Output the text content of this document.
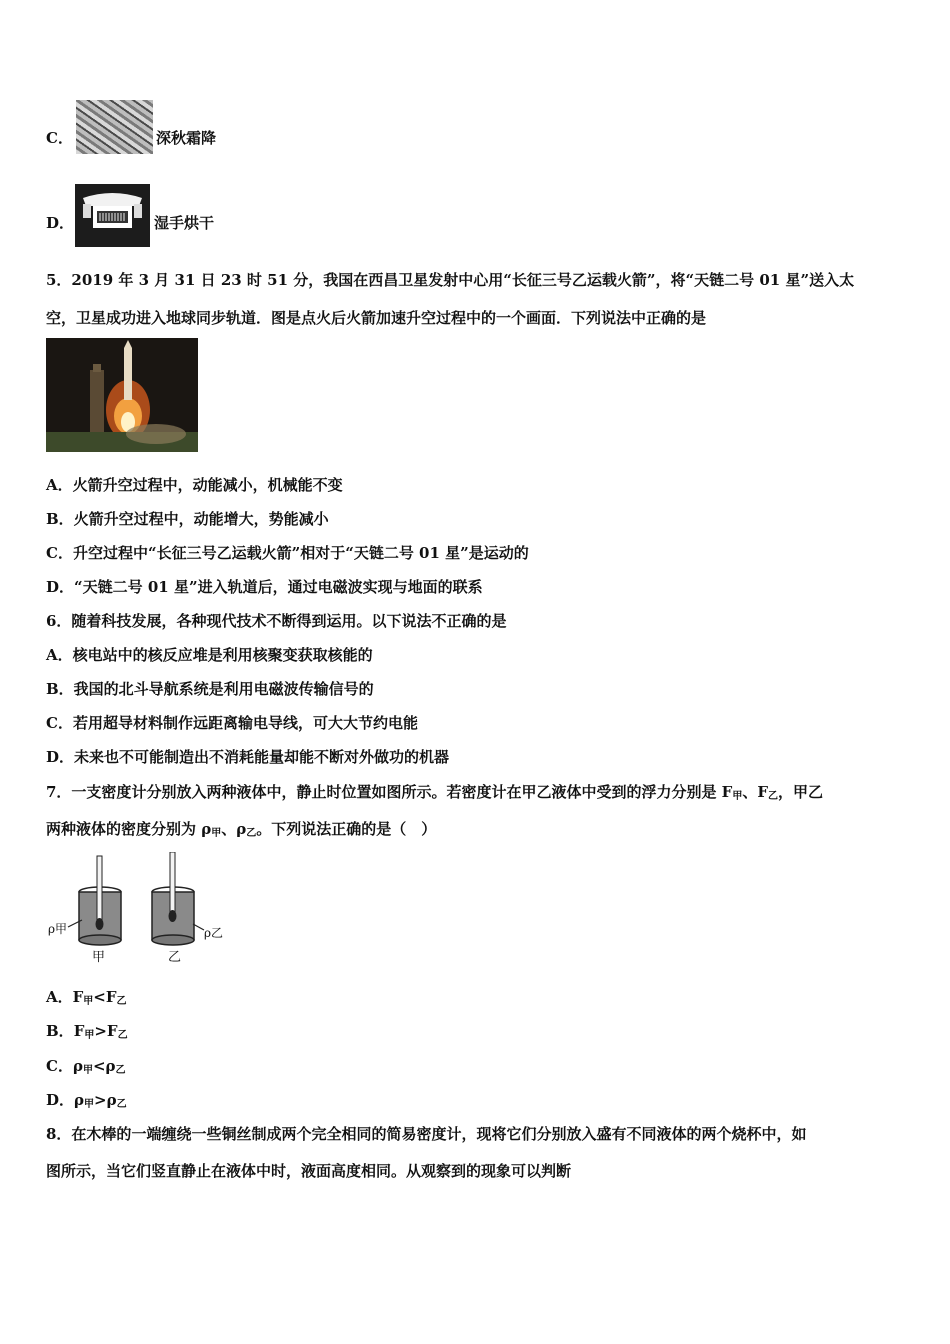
C．	深秋霜降
D．	湿手烘干
5．2019 年 3 月 31 日 23 时 51 分，我国在西昌卫星发射中心用“长征三号乙运载火箭”，将“天链二号 01 星”送入太
空，卫星成功进入地球同步轨道．图是点火后火箭加速升空过程中的一个画面．下列说法中正确的是
A．火箭升空过程中，动能减小，机械能不变
B．火箭升空过程中，动能增大，势能减小
C．升空过程中“长征三号乙运载火箭”相对于“天链二号 01 星”是运动的
D．“天链二号 01 星”进入轨道后，通过电磁波实现与地面的联系
6．随着科技发展，各种现代技术不断得到运用。以下说法不正确的是
A．核电站中的核反应堆是利用核聚变获取核能的
B．我国的北斗导航系统是利用电磁波传输信号的
C．若用超导材料制作远距离输电导线，可大大节约电能
D．未来也不可能制造出不消耗能量却能不断对外做功的机器
7．一支密度计分别放入两种液体中，静止时位置如图所示。若密度计在甲乙液体中受到的浮力分别是 $F_甲$、$F_乙$，甲乙
两种液体的密度分别为 $\rho_甲$、$\rho_乙$。下列说法正确的是（　）
ρ甲	ρ乙
甲	乙
A．$F_甲<F_乙$
B．$F_甲>F_乙$
C．$\rho_甲<\rho_乙$
D．$\rho_甲>\rho_乙$
8．在木棒的一端缠绕一些铜丝制成两个完全相同的简易密度计，现将它们分别放入盛有不同液体的两个烧杯中，如
图所示，当它们竖直静止在液体中时，液面高度相同。从观察到的现象可以判断
